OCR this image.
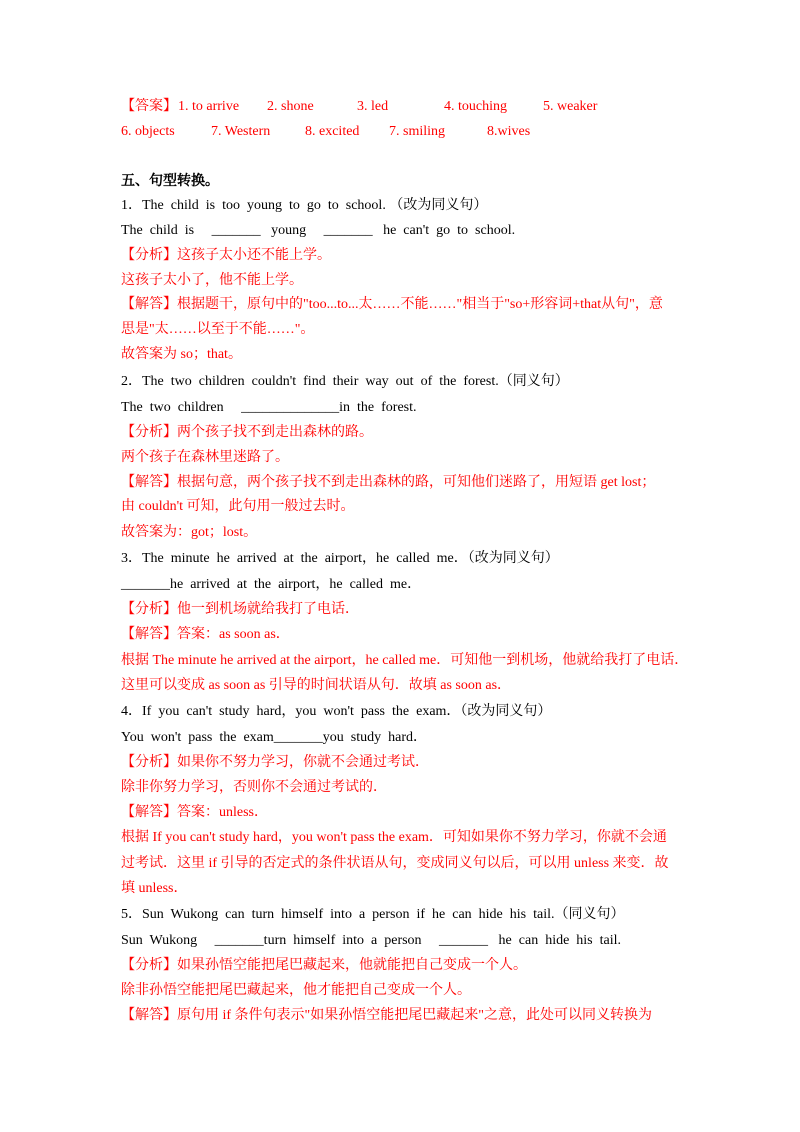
【答案】 1. to arrive 2. shone	3. led	4. touching	5. weaker
6. objects	7. Western 8. excited 7. smiling	8.wives
五、句型转换。
1．The  child  is  too  young  to  go  to  school. （改为同义句）
The  child  is     _______   young     _______   he  can't  go  to  school.
【分析】这孩子太小还不能上学。
这孩子太小了，他不能上学。
【解答】根据题干，原句中的"too...to...太……不能……"相当于"so+形容词+that从句"，意
思是"太……以至于不能……"。
故答案为 so；that。
2．The  two  children  couldn't  find  their  way  out  of  the  forest.（同义句）
The  two  children     ______________in  the  forest.
【分析】两个孩子找不到走出森林的路。
两个孩子在森林里迷路了。
【解答】根据句意，两个孩子找不到走出森林的路，可知他们迷路了，用短语 get lost；
由 couldn't 可知，此句用一般过去时。
故答案为：got；lost。
3．The  minute  he  arrived  at  the  airport，he  called  me．（改为同义句）
_______he  arrived  at  the  airport，he  called  me．
【分析】他一到机场就给我打了电话．
【解答】答案：as soon as．
根据 The minute he arrived at the airport，he called me．可知他一到机场，他就给我打了电话．
这里可以变成 as soon as 引导的时间状语从句．故填 as soon as．
4．If  you  can't  study  hard，you  won't  pass  the  exam．（改为同义句）
You  won't  pass  the  exam_______you  study  hard．
【分析】如果你不努力学习，你就不会通过考试．
除非你努力学习，否则你不会通过考试的．
【解答】答案：unless．
根据 If you can't study hard，you won't pass the exam．可知如果你不努力学习，你就不会通
过考试．这里 if 引导的否定式的条件状语从句，变成同义句以后，可以用 unless 来变．故
填 unless．
5．Sun  Wukong  can  turn  himself  into  a  person  if  he  can  hide  his  tail.（同义句）
Sun  Wukong     _______turn  himself  into  a  person     _______   he  can  hide  his  tail.
【分析】如果孙悟空能把尾巴藏起来，他就能把自己变成一个人。
除非孙悟空能把尾巴藏起来，他才能把自己变成一个人。
【解答】原句用 if 条件句表示"如果孙悟空能把尾巴藏起来"之意，此处可以同义转换为
